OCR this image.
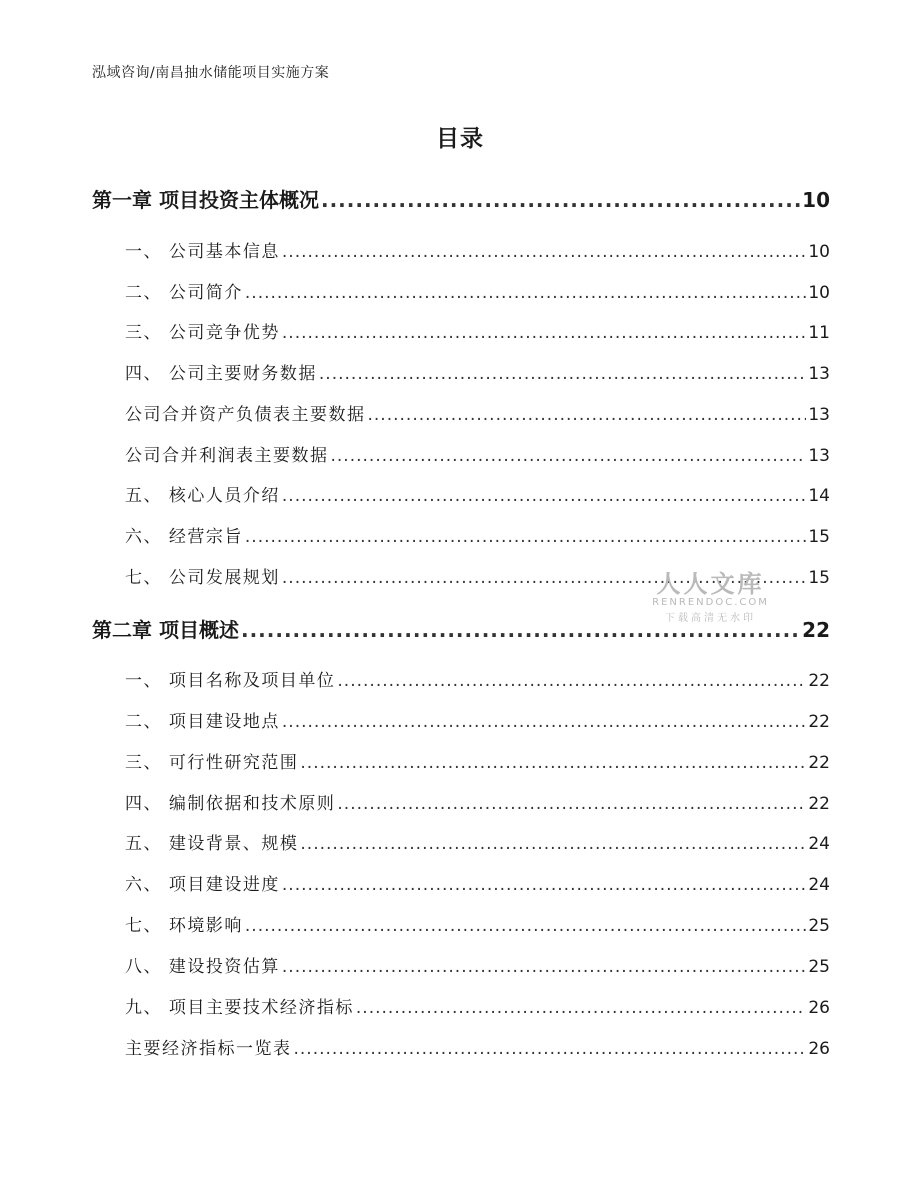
泓域咨询/南昌抽水储能项目实施方案
目录
第一章 项目投资主体概况 .....	10
一、 公司基本信息 .....	10
二、 公司简介 .....	10
三、 公司竞争优势 .....	11
四、 公司主要财务数据 .....	13
公司合并资产负债表主要数据 .....	13
公司合并利润表主要数据 .....	13
五、 核心人员介绍 .....	14
六、 经营宗旨 .....	15
七、 公司发展规划 .....	15
第二章 项目概述 .....	22
一、 项目名称及项目单位 .....	22
二、 项目建设地点 .....	22
三、 可行性研究范围 .....	22
四、 编制依据和技术原则 .....	22
五、 建设背景、规模 .....	24
六、 项目建设进度 .....	24
七、 环境影响 .....	25
八、 建设投资估算 .....	25
九、 项目主要技术经济指标 .....	26
主要经济指标一览表 .....	26
人人文库
RENRENDOC.COM
下载高清无水印
